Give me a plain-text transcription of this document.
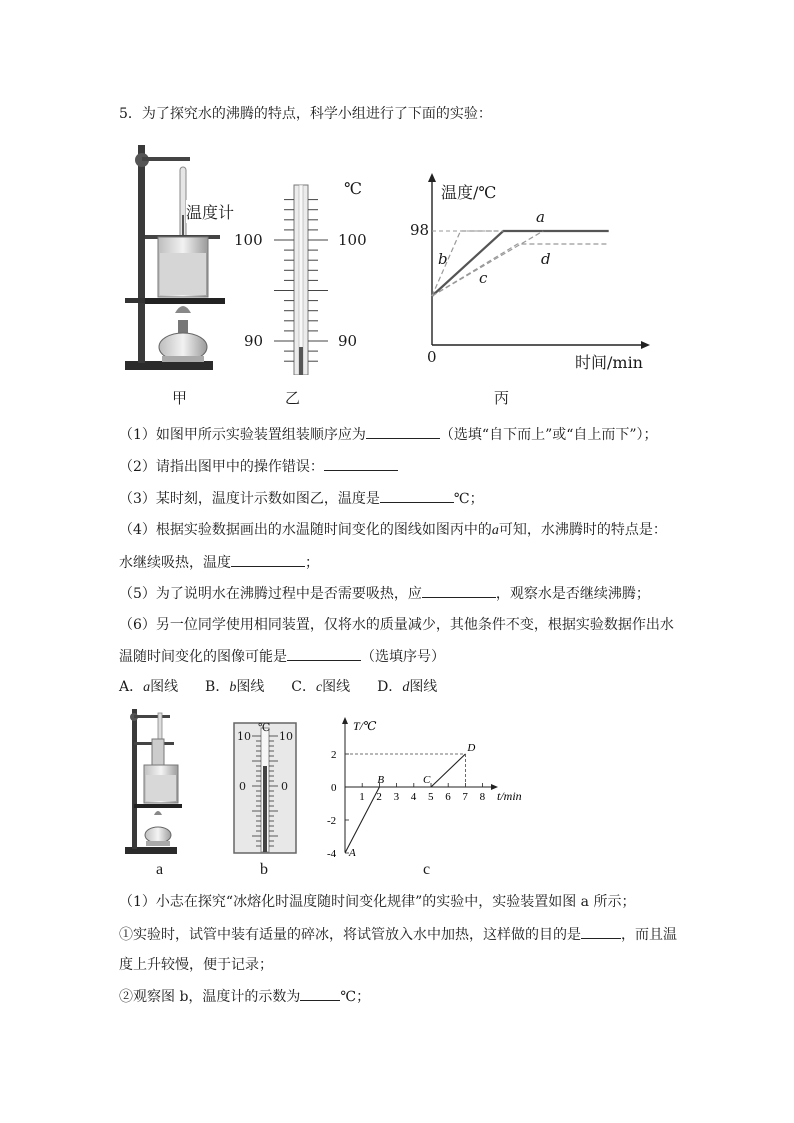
5．为了探究水的沸腾的特点，科学小组进行了下面的实验：
温度计
甲
℃
100	100
90	90
乙
温度/℃
98
0	时间/min
a
b
c
d
丙
（1）如图甲所示实验装置组装顺序应为	（选填“自下而上”或“自上而下”）；
（2）请指出图甲中的操作错误：
（3）某时刻，温度计示数如图乙，温度是	℃；
（4）根据实验数据画出的水温随时间变化的图线如图丙中的a可知，水沸腾时的特点是：
水继续吸热，温度	；
（5）为了说明水在沸腾过程中是否需要吸热，应	，观察水是否继续沸腾；
（6）另一位同学使用相同装置，仅将水的质量减少，其他条件不变，根据实验数据作出水
温随时间变化的图像可能是	（选填序号）
A．a图线 B．b图线 C．c图线 D．d图线
a
℃
10	10
0	0
b
T/℃
t/min
1 2 3 4 5 6 7 8
2
0
-2
-4 A
B	C
D
c
（1）小志在探究“冰熔化时温度随时间变化规律”的实验中，实验装置如图 a 所示；
①实验时，试管中装有适量的碎冰，将试管放入水中加热，这样做的目的是	，而且温
度上升较慢，便于记录；
②观察图 b，温度计的示数为	℃；
